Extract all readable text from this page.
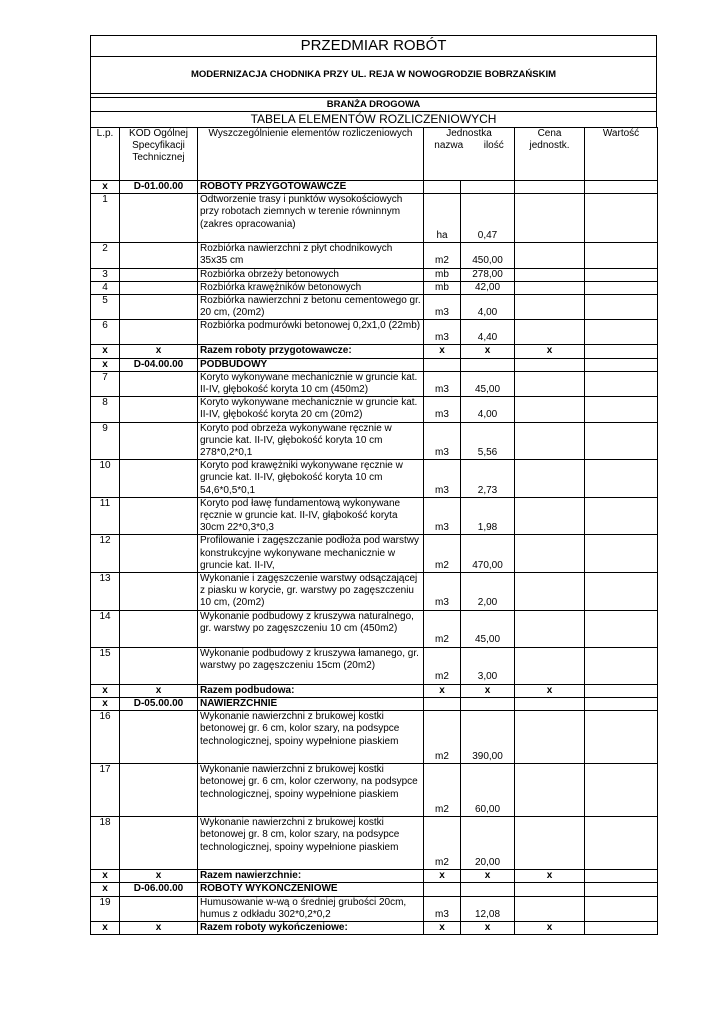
PRZEDMIAR ROBÓT
MODERNIZACJA CHODNIKA PRZY UL. REJA W NOWOGRODZIE BOBRZAŃSKIM
BRANŻA DROGOWA
TABELA ELEMENTÓW ROZLICZENIOWYCH
L.p.	KOD Ogólnej Specyfikacji Technicznej	Wyszczególnienie elementów rozliczeniowych	Jednostka
nazwa ilość		Cena jednostk.	Wartość
x	D-01.00.00	ROBOTY PRZYGOTOWAWCZE				
1		Odtworzenie trasy i punktów wysokościowych przy robotach ziemnych w terenie równinnym (zakres opracowania)	ha	0,47		
2		Rozbiórka nawierzchni z płyt chodnikowych 35x35 cm	m2	450,00		
3		Rozbiórka obrzeży betonowych	mb	278,00		
4		Rozbiórka krawężników betonowych	mb	42,00		
5		Rozbiórka nawierzchni z betonu cementowego gr. 20 cm, (20m2)	m3	4,00		
6		Rozbiórka podmurówki betonowej 0,2x1,0 (22mb)	m3	4,40		
x	x	Razem roboty przygotowawcze:	x	x	x	
x	D-04.00.00	PODBUDOWY				
7		Koryto wykonywane mechanicznie w gruncie kat. II-IV, głębokość koryta 10 cm (450m2)	m3	45,00		
8		Koryto wykonywane mechanicznie w gruncie kat. II-IV, głębokość koryta 20 cm (20m2)	m3	4,00		
9		Koryto pod obrzeża wykonywane ręcznie w gruncie kat. II-IV, głębokość koryta 10 cm 278*0,2*0,1	m3	5,56		
10		Koryto pod krawężniki wykonywane ręcznie w gruncie kat. II-IV, głębokość koryta 10 cm 54,6*0,5*0,1	m3	2,73		
11		Koryto pod ławę fundamentową wykonywane ręcznie w gruncie kat. II-IV, głąbokość koryta 30cm 22*0,3*0,3	m3	1,98		
12		Profilowanie i zagęszczanie podłoża pod warstwy konstrukcyjne wykonywane mechanicznie w gruncie kat. II-IV,	m2	470,00		
13		Wykonanie i zagęszczenie warstwy odsączającej z piasku w korycie, gr. warstwy po zagęszczeniu 10 cm, (20m2)	m3	2,00		
14		Wykonanie podbudowy z kruszywa naturalnego, gr. warstwy po zagęszczeniu 10 cm (450m2)	m2	45,00		
15		Wykonanie podbudowy z kruszywa łamanego, gr. warstwy po zagęszczeniu 15cm (20m2)	m2	3,00		
x	x	Razem podbudowa:	x	x	x	
x	D-05.00.00	NAWIERZCHNIE				
16		Wykonanie nawierzchni z brukowej kostki betonowej gr. 6 cm, kolor szary, na podsypce technologicznej, spoiny wypełnione piaskiem	m2	390,00		
17		Wykonanie nawierzchni z brukowej kostki betonowej gr. 6 cm, kolor czerwony, na podsypce technologicznej, spoiny wypełnione piaskiem	m2	60,00		
18		Wykonanie nawierzchni z brukowej kostki betonowej gr. 8 cm, kolor szary, na podsypce technologicznej, spoiny wypełnione piaskiem	m2	20,00		
x	x	Razem nawierzchnie:	x	x	x	
x	D-06.00.00	ROBOTY WYKOŃCZENIOWE				
19		Humusowanie w-wą o średniej grubości 20cm, humus z odkładu 302*0,2*0,2	m3	12,08		
x	x	Razem roboty wykończeniowe:	x	x	x	
